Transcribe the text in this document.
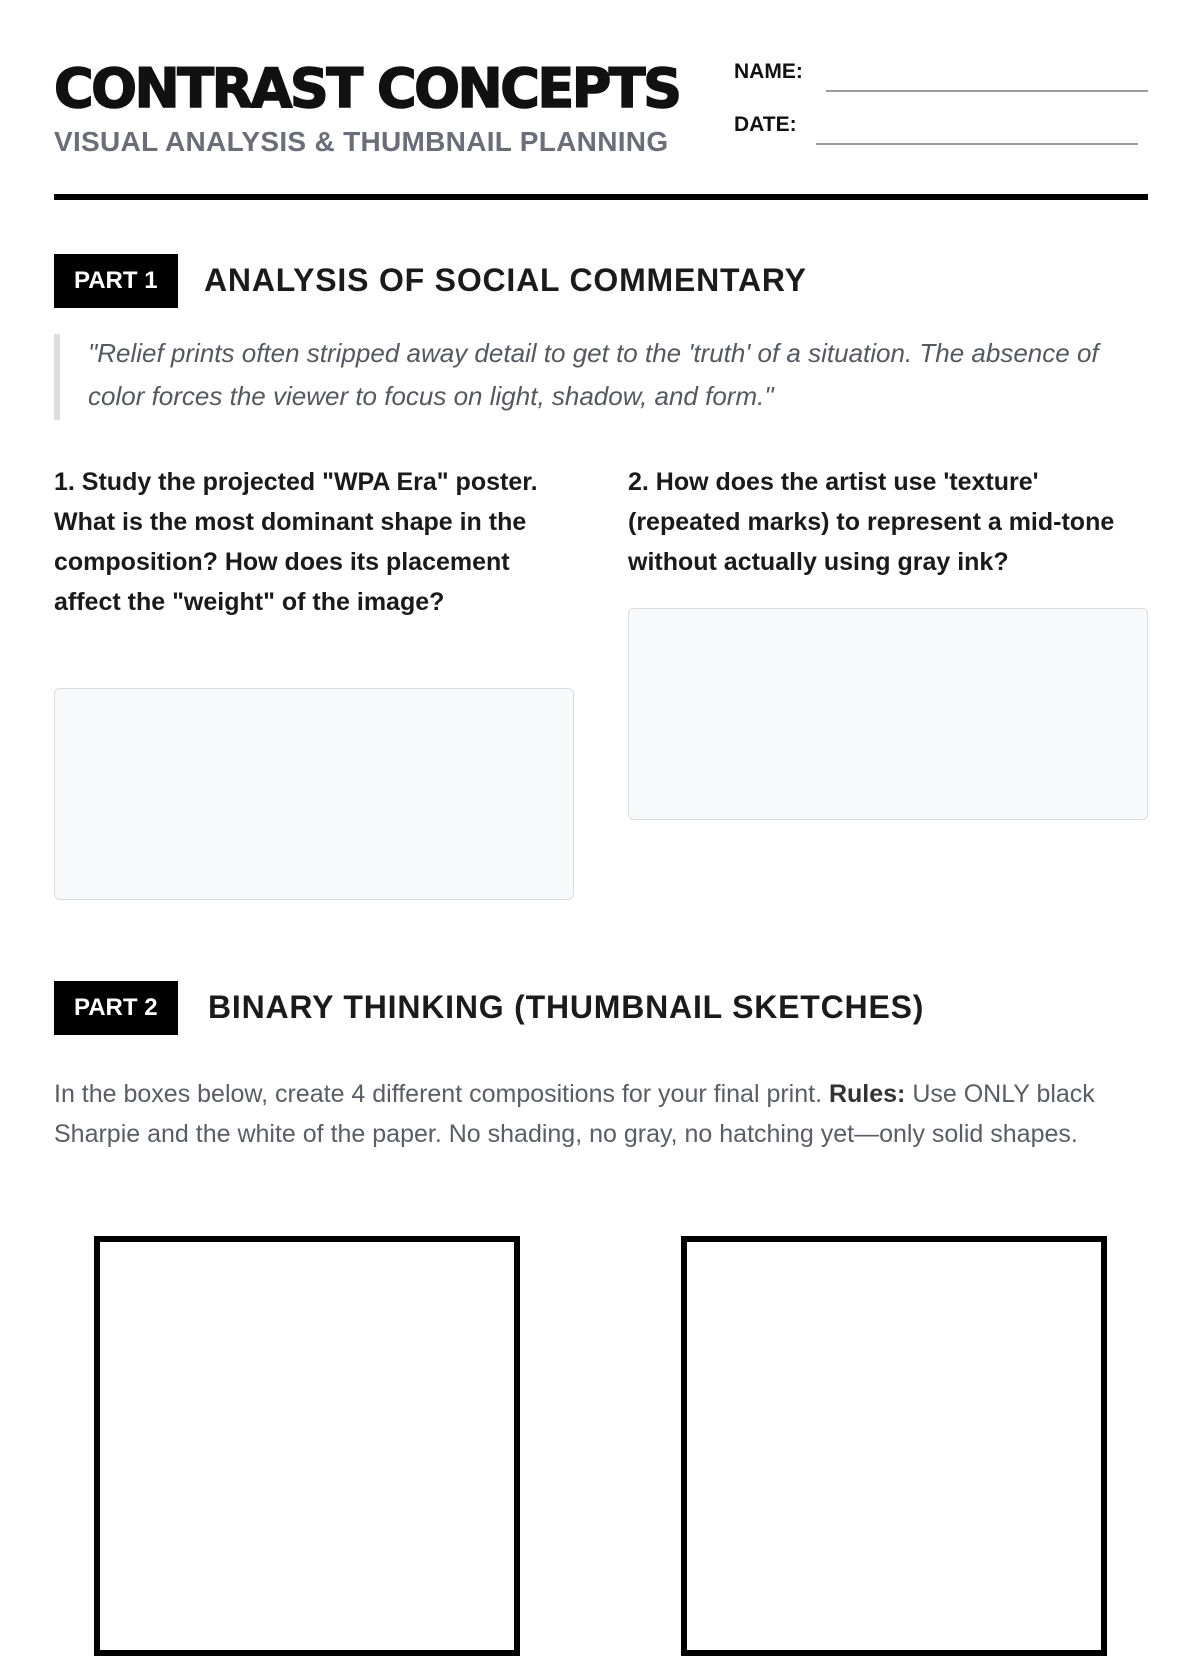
CONTRAST CONCEPTS
VISUAL ANALYSIS & THUMBNAIL PLANNING
NAME:
DATE:
PART 1	ANALYSIS OF SOCIAL COMMENTARY
"Relief prints often stripped away detail to get to the 'truth' of a situation. The absence of color forces the viewer to focus on light, shadow, and form."
1. Study the projected "WPA Era" poster. What is the most dominant shape in the composition? How does its placement affect the "weight" of the image?
2. How does the artist use 'texture' (repeated marks) to represent a mid-tone without actually using gray ink?
PART 2	BINARY THINKING (THUMBNAIL SKETCHES)
In the boxes below, create 4 different compositions for your final print. Rules: Use ONLY black Sharpie and the white of the paper. No shading, no gray, no hatching yet—only solid shapes.
